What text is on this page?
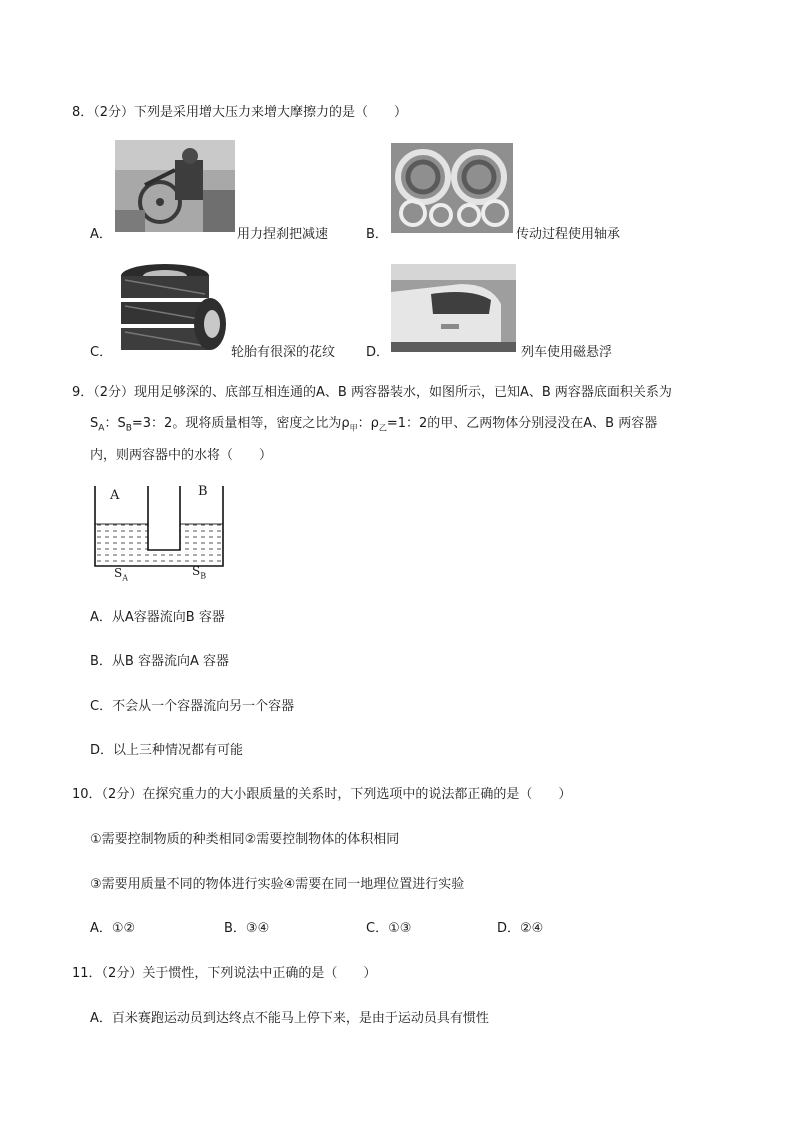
8．（2分）下列是采用增大压力来增大摩擦力的是（　　）
A．	用力捏刹把减速	B．	传动过程使用轴承
C．	轮胎有很深的花纹 D．	列车使用磁悬浮
9．（2分）现用足够深的、底部互相连通的A、B 两容器装水，如图所示，已知A、B 两容器底面积关系为
$S_A$：$S_B=3$：2。现将质量相等，密度之比为$\rho_甲$：$\rho_乙=1$：2的甲、乙两物体分别浸没在A、B 两容器
内，则两容器中的水将（　　）
A	B
$S_A$	$S_B$
A．从A容器流向B 容器
B．从B 容器流向A 容器
C．不会从一个容器流向另一个容器
D．以上三种情况都有可能
10．（2分）在探究重力的大小跟质量的关系时，下列选项中的说法都正确的是（　　）
①需要控制物质的种类相同②需要控制物体的体积相同
③需要用质量不同的物体进行实验④需要在同一地理位置进行实验
A．①②	B．③④	C．①③	D．②④
11．（2分）关于惯性，下列说法中正确的是（　　）
A．百米赛跑运动员到达终点不能马上停下来，是由于运动员具有惯性
